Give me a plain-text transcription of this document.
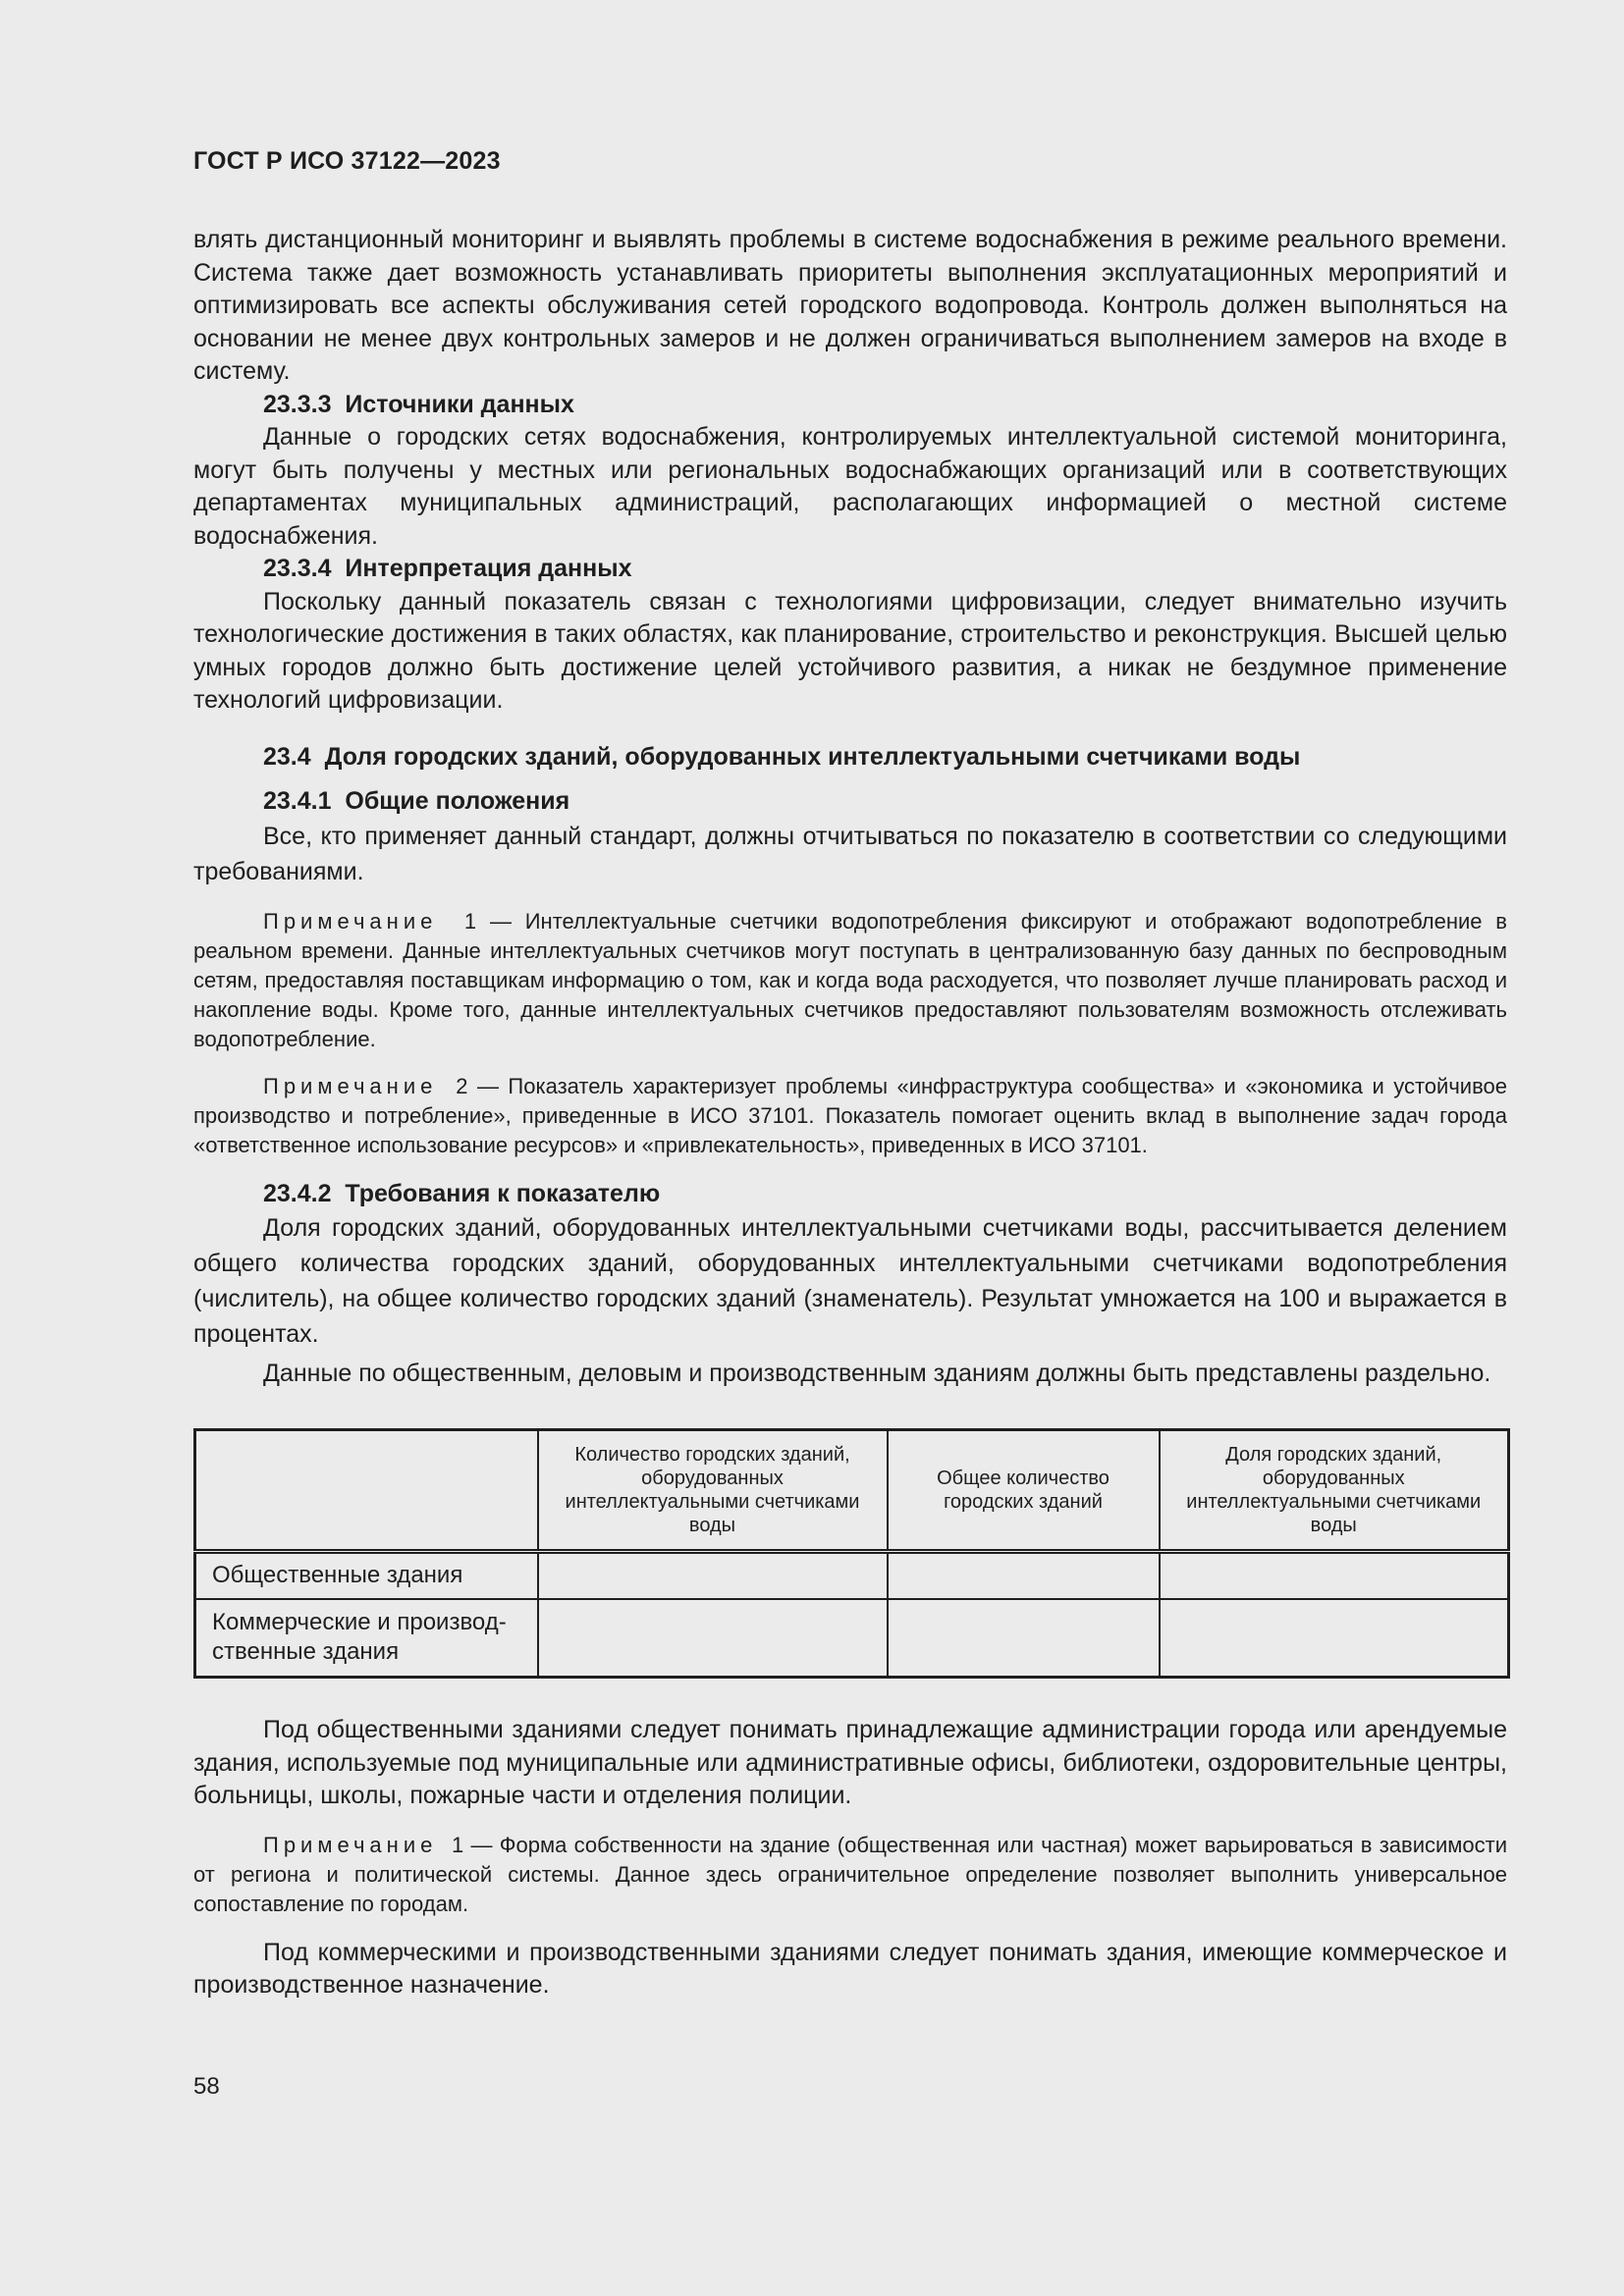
ГОСТ Р ИСО 37122—2023

влять дистанционный мониторинг и выявлять проблемы в системе водоснабжения в режиме реального времени. Система также дает возможность устанавливать приоритеты выполнения эксплуатационных мероприятий и оптимизировать все аспекты обслуживания сетей городского водопровода. Контроль должен выполняться на основании не менее двух контрольных замеров и не должен ограничиваться выполнением замеров на входе в систему.

23.3.3 Источники данных

Данные о городских сетях водоснабжения, контролируемых интеллектуальной системой мониторинга, могут быть получены у местных или региональных водоснабжающих организаций или в соответствующих департаментах муниципальных администраций, располагающих информацией о местной системе водоснабжения.

23.3.4 Интерпретация данных

Поскольку данный показатель связан с технологиями цифровизации, следует внимательно изучить технологические достижения в таких областях, как планирование, строительство и реконструкция. Высшей целью умных городов должно быть достижение целей устойчивого развития, а никак не бездумное применение технологий цифровизации.

23.4 Доля городских зданий, оборудованных интеллектуальными счетчиками воды

23.4.1 Общие положения

Все, кто применяет данный стандарт, должны отчитываться по показателю в соответствии со следующими требованиями.

Примечание 1 — Интеллектуальные счетчики водопотребления фиксируют и отображают водопотребление в реальном времени. Данные интеллектуальных счетчиков могут поступать в централизованную базу данных по беспроводным сетям, предоставляя поставщикам информацию о том, как и когда вода расходуется, что позволяет лучше планировать расход и накопление воды. Кроме того, данные интеллектуальных счетчиков предоставляют пользователям возможность отслеживать водопотребление.

Примечание 2 — Показатель характеризует проблемы «инфраструктура сообщества» и «экономика и устойчивое производство и потребление», приведенные в ИСО 37101. Показатель помогает оценить вклад в выполнение задач города «ответственное использование ресурсов» и «привлекательность», приведенных в ИСО 37101.

23.4.2 Требования к показателю

Доля городских зданий, оборудованных интеллектуальными счетчиками воды, рассчитывается делением общего количества городских зданий, оборудованных интеллектуальными счетчиками водопотребления (числитель), на общее количество городских зданий (знаменатель). Результат умножается на 100 и выражается в процентах.

Данные по общественным, деловым и производственным зданиям должны быть представлены раздельно.

	Количество городских зданий, оборудованных интеллектуальными счетчиками воды	Общее количество городских зданий	Доля городских зданий, оборудованных интеллектуальными счетчиками воды
Общественные здания			
Коммерческие и производственные здания			

Под общественными зданиями следует понимать принадлежащие администрации города или арендуемые здания, используемые под муниципальные или административные офисы, библиотеки, оздоровительные центры, больницы, школы, пожарные части и отделения полиции.

Примечание 1 — Форма собственности на здание (общественная или частная) может варьироваться в зависимости от региона и политической системы. Данное здесь ограничительное определение позволяет выполнить универсальное сопоставление по городам.

Под коммерческими и производственными зданиями следует понимать здания, имеющие коммерческое и производственное назначение.

58
